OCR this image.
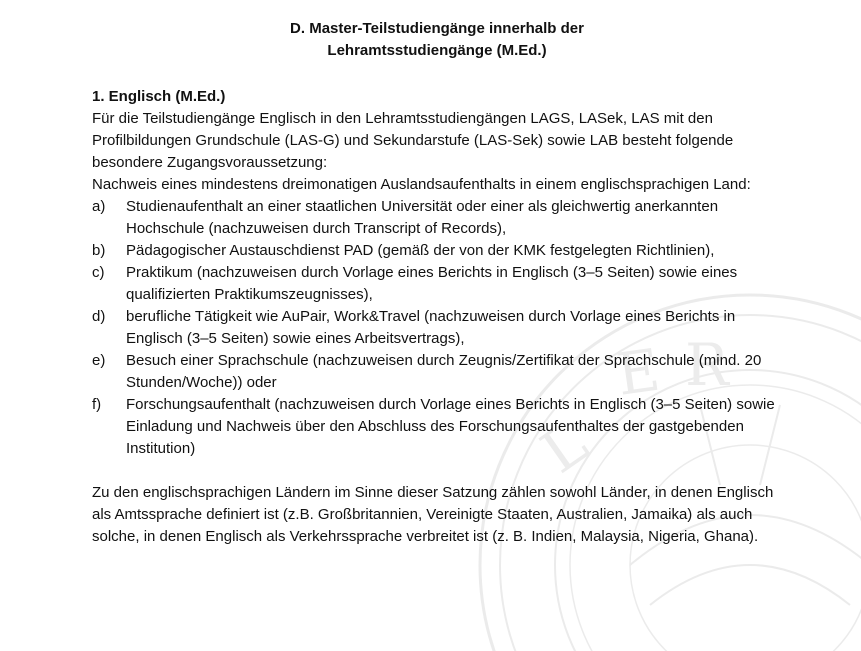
E R
L
D. Master-Teilstudiengänge innerhalb der
Lehramtsstudiengänge (M.Ed.)

1. Englisch (M.Ed.)

Für die Teilstudiengänge Englisch in den Lehramtsstudiengängen LAGS, LASek, LAS mit den Profilbildungen Grundschule (LAS-G) und Sekundarstufe (LAS-Sek) sowie LAB besteht folgende besondere Zugangsvoraussetzung:

Nachweis eines mindestens dreimonatigen Auslandsaufenthalts in einem englischsprachigen Land:

a) Studienaufenthalt an einer staatlichen Universität oder einer als gleichwertig anerkannten Hochschule (nachzuweisen durch Transcript of Records),
b) Pädagogischer Austauschdienst PAD (gemäß der von der KMK festgelegten Richtlinien),
c) Praktikum (nachzuweisen durch Vorlage eines Berichts in Englisch (3–5 Seiten) sowie eines qualifizierten Praktikumszeugnisses),
d) berufliche Tätigkeit wie AuPair, Work&Travel (nachzuweisen durch Vorlage eines Berichts in Englisch (3–5 Seiten) sowie eines Arbeitsvertrags),
e) Besuch einer Sprachschule (nachzuweisen durch Zeugnis/Zertifikat der Sprachschule (mind. 20 Stunden/Woche)) oder
f) Forschungsaufenthalt (nachzuweisen durch Vorlage eines Berichts in Englisch (3–5 Seiten) sowie Einladung und Nachweis über den Abschluss des Forschungsaufenthaltes der gastgebenden Institution)

Zu den englischsprachigen Ländern im Sinne dieser Satzung zählen sowohl Länder, in denen Englisch als Amtssprache definiert ist (z.B. Großbritannien, Vereinigte Staaten, Australien, Jamaika) als auch solche, in denen Englisch als Verkehrssprache verbreitet ist (z. B. Indien, Malaysia, Nigeria, Ghana).
